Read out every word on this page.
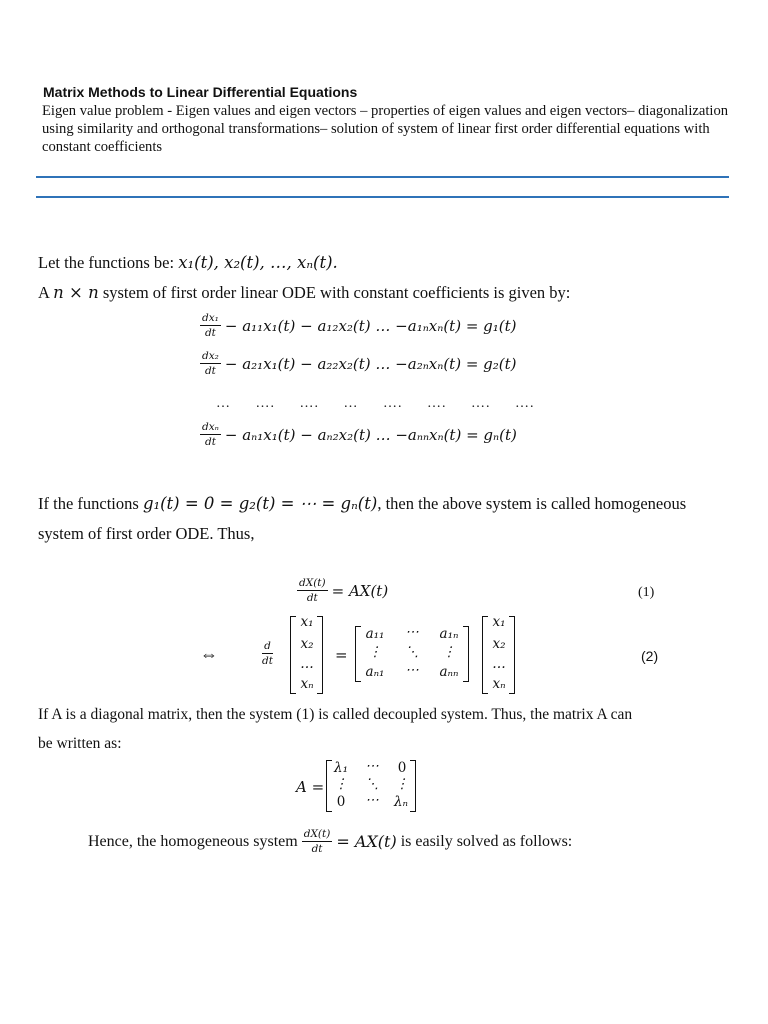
Matrix Methods to Linear Differential Equations
Eigen value problem - Eigen values and eigen vectors – properties of eigen values and eigen vectors– diagonalization using similarity and orthogonal transformations– solution of system of linear first order differential equations with constant coefficients
Let the functions be: x₁(t), x₂(t), …, xₙ(t).
A n × n system of first order linear ODE with constant coefficients is given by:
$\frac{\text{dx₁}}{dt} - a_{11}x_1(t) - a_{12}x_2(t)$ … −a₁ₙxₙ(t) = g₁(t)
$\frac{\text{dx₂}}{dt} - a_{21}x_1(t) - a_{22}x_2(t)$ … −a₂ₙxₙ(t) = g₂(t)
… …. …. … …. …. …. ….
$\frac{\text{dxₙ}}{dt} - a_{n1}x_1(t) - a_{n2}x_2(t)$ … −aₙₙxₙ(t) = gₙ(t)
If the functions g₁(t) = 0 = g₂(t) = ⋯ = gₙ(t), then the above system is called homogeneous
system of first order ODE. Thus,
$\frac{dX(t)}{dt} = AX(t)$	(1)
⇔	$\frac{d}{dt}$
x₁
x₂
…
xₙ
=
a₁₁	⋯	a₁ₙ
⋮	⋱	⋮
aₙ₁	⋯	aₙₙ
x₁
x₂
…
xₙ
(2)
If A is a diagonal matrix, then the system (1) is called decoupled system. Thus, the matrix A can
be written as:
A =
λ₁	⋯	0
⋮	⋱	⋮
0	⋯	λₙ
Hence, the homogeneous system $\frac{dX(t)}{dt} = AX(t)$ is easily solved as follows:
